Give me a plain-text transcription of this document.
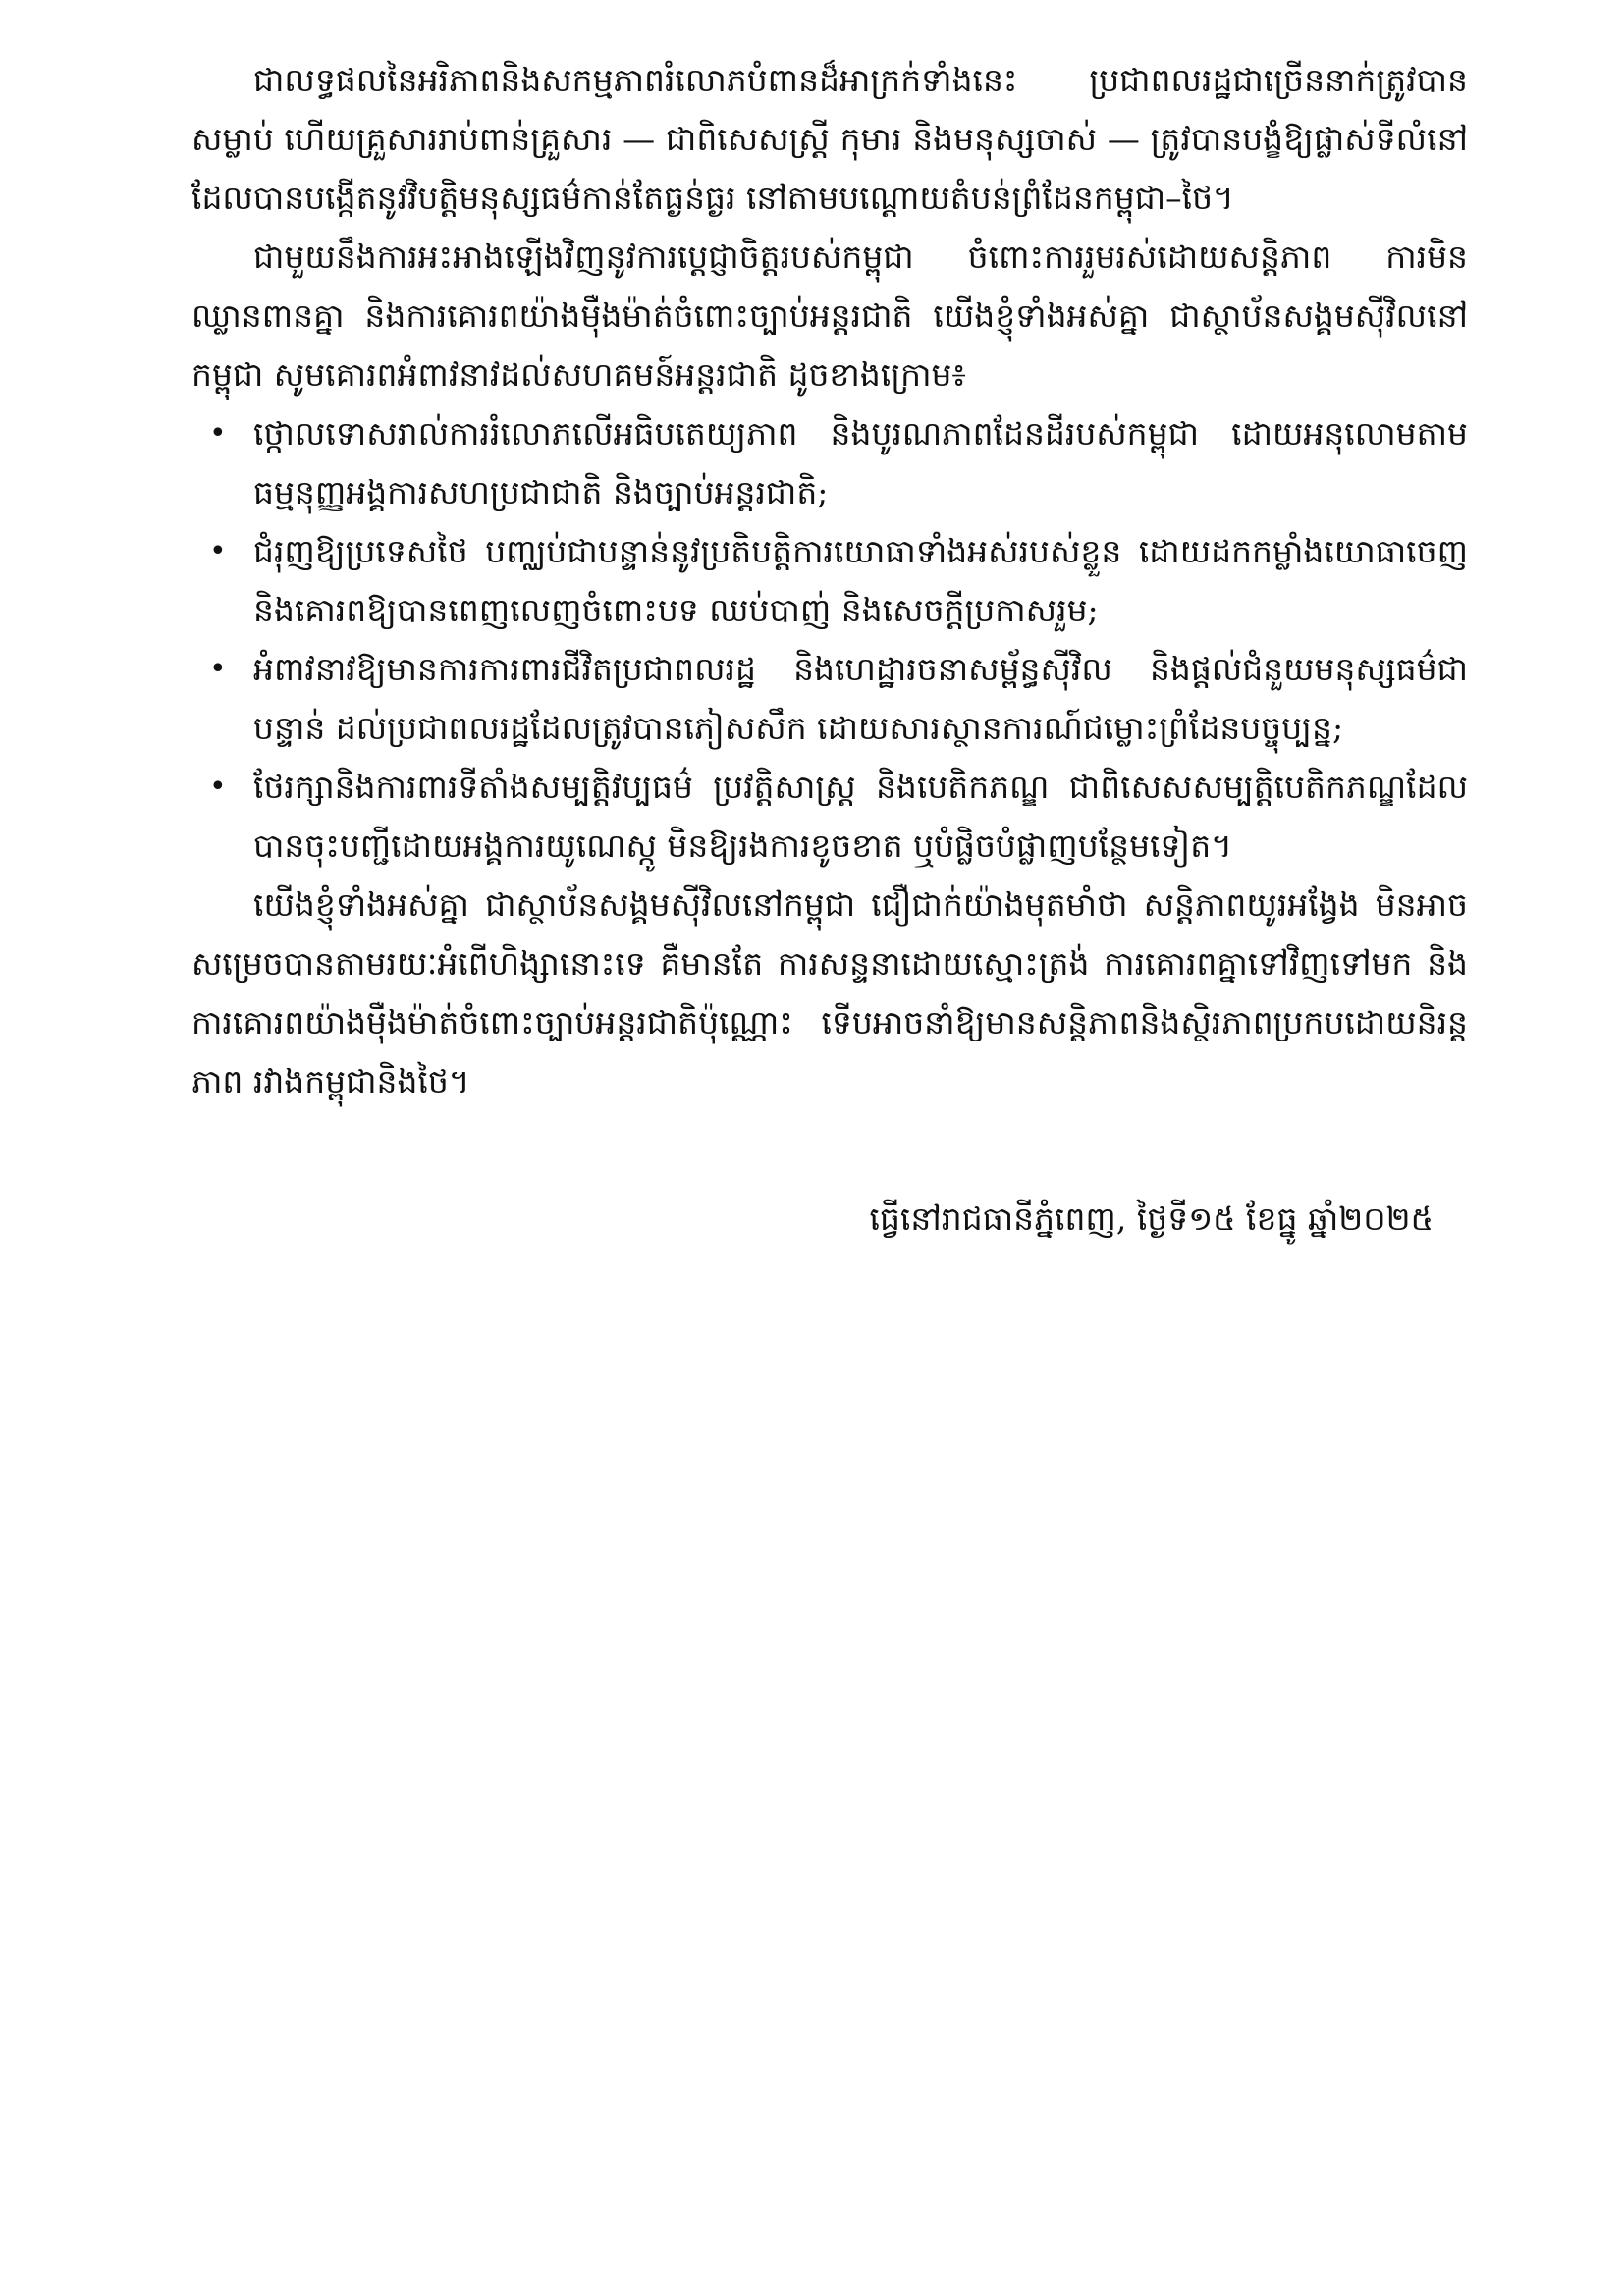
ជាលទ្ធផលនៃអរិភាពនិងសកម្មភាពរំលោភបំពានដ៏អាក្រក់ទាំងនេះ ប្រជាពលរដ្ឋជាច្រើននាក់ត្រូវបានសម្លាប់ ហើយគ្រួសាររាប់ពាន់គ្រួសារ — ជាពិសេសស្ត្រី កុមារ និងមនុស្សចាស់ — ត្រូវបានបង្ខំឱ្យផ្លាស់ទីលំនៅ ដែលបានបង្កើតនូវវិបត្តិមនុស្សធម៌កាន់តែធ្ងន់ធ្ងរ នៅតាមបណ្តោយតំបន់ព្រំដែនកម្ពុជា–ថៃ។

ជាមួយនឹងការអះអាងឡើងវិញនូវការប្តេជ្ញាចិត្តរបស់កម្ពុជា ចំពោះការរួមរស់ដោយសន្តិភាព ការមិនឈ្លានពានគ្នា និងការគោរពយ៉ាងម៉ឺងម៉ាត់ចំពោះច្បាប់អន្តរជាតិ យើងខ្ញុំទាំងអស់គ្នា ជាស្ថាប័នសង្គមស៊ីវិលនៅកម្ពុជា សូមគោរពអំពាវនាវដល់សហគមន៍អន្តរជាតិ ដូចខាងក្រោម៖

• ថ្កោលទោសរាល់ការរំលោភលើអធិបតេយ្យភាព និងបូរណភាពដែនដីរបស់កម្ពុជា ដោយអនុលោមតាមធម្មនុញ្ញអង្គការសហប្រជាជាតិ និងច្បាប់អន្តរជាតិ;
• ជំរុញឱ្យប្រទេសថៃ បញ្ឈប់ជាបន្ទាន់នូវប្រតិបត្តិការយោធាទាំងអស់របស់ខ្លួន ដោយដកកម្លាំងយោធាចេញ និងគោរពឱ្យបានពេញលេញចំពោះបទ ឈប់បាញ់ និងសេចក្តីប្រកាសរួម;
• អំពាវនាវឱ្យមានការការពារជីវិតប្រជាពលរដ្ឋ និងហេដ្ឋារចនាសម្ព័ន្ធស៊ីវិល និងផ្តល់ជំនួយមនុស្សធម៌ជាបន្ទាន់ ដល់ប្រជាពលរដ្ឋដែលត្រូវបានភៀសសឹក ដោយសារស្ថានការណ៍ជម្លោះព្រំដែនបច្ចុប្បន្ន;
• ថែរក្សានិងការពារទីតាំងសម្បត្តិវប្បធម៌ ប្រវត្តិសាស្ត្រ និងបេតិកភណ្ឌ ជាពិសេសសម្បត្តិបេតិកភណ្ឌដែលបានចុះបញ្ជីដោយអង្គការយូណេស្កូ មិនឱ្យរងការខូចខាត ឬបំផ្លិចបំផ្លាញបន្ថែមទៀត។

យើងខ្ញុំទាំងអស់គ្នា ជាស្ថាប័នសង្គមស៊ីវិលនៅកម្ពុជា ជឿជាក់យ៉ាងមុតមាំថា សន្តិភាពយូរអង្វែង មិនអាចសម្រេចបានតាមរយៈអំពើហិង្សានោះទេ គឺមានតែ ការសន្ទនាដោយស្មោះត្រង់ ការគោរពគ្នាទៅវិញទៅមក និងការគោរពយ៉ាងម៉ឺងម៉ាត់ចំពោះច្បាប់អន្តរជាតិប៉ុណ្ណោះ ទើបអាចនាំឱ្យមានសន្តិភាពនិងស្ថិរភាពប្រកបដោយនិរន្តភាព រវាងកម្ពុជានិងថៃ។

ធ្វើនៅរាជធានីភ្នំពេញ, ថ្ងៃទី១៥ ខែធ្នូ ឆ្នាំ២០២៥
